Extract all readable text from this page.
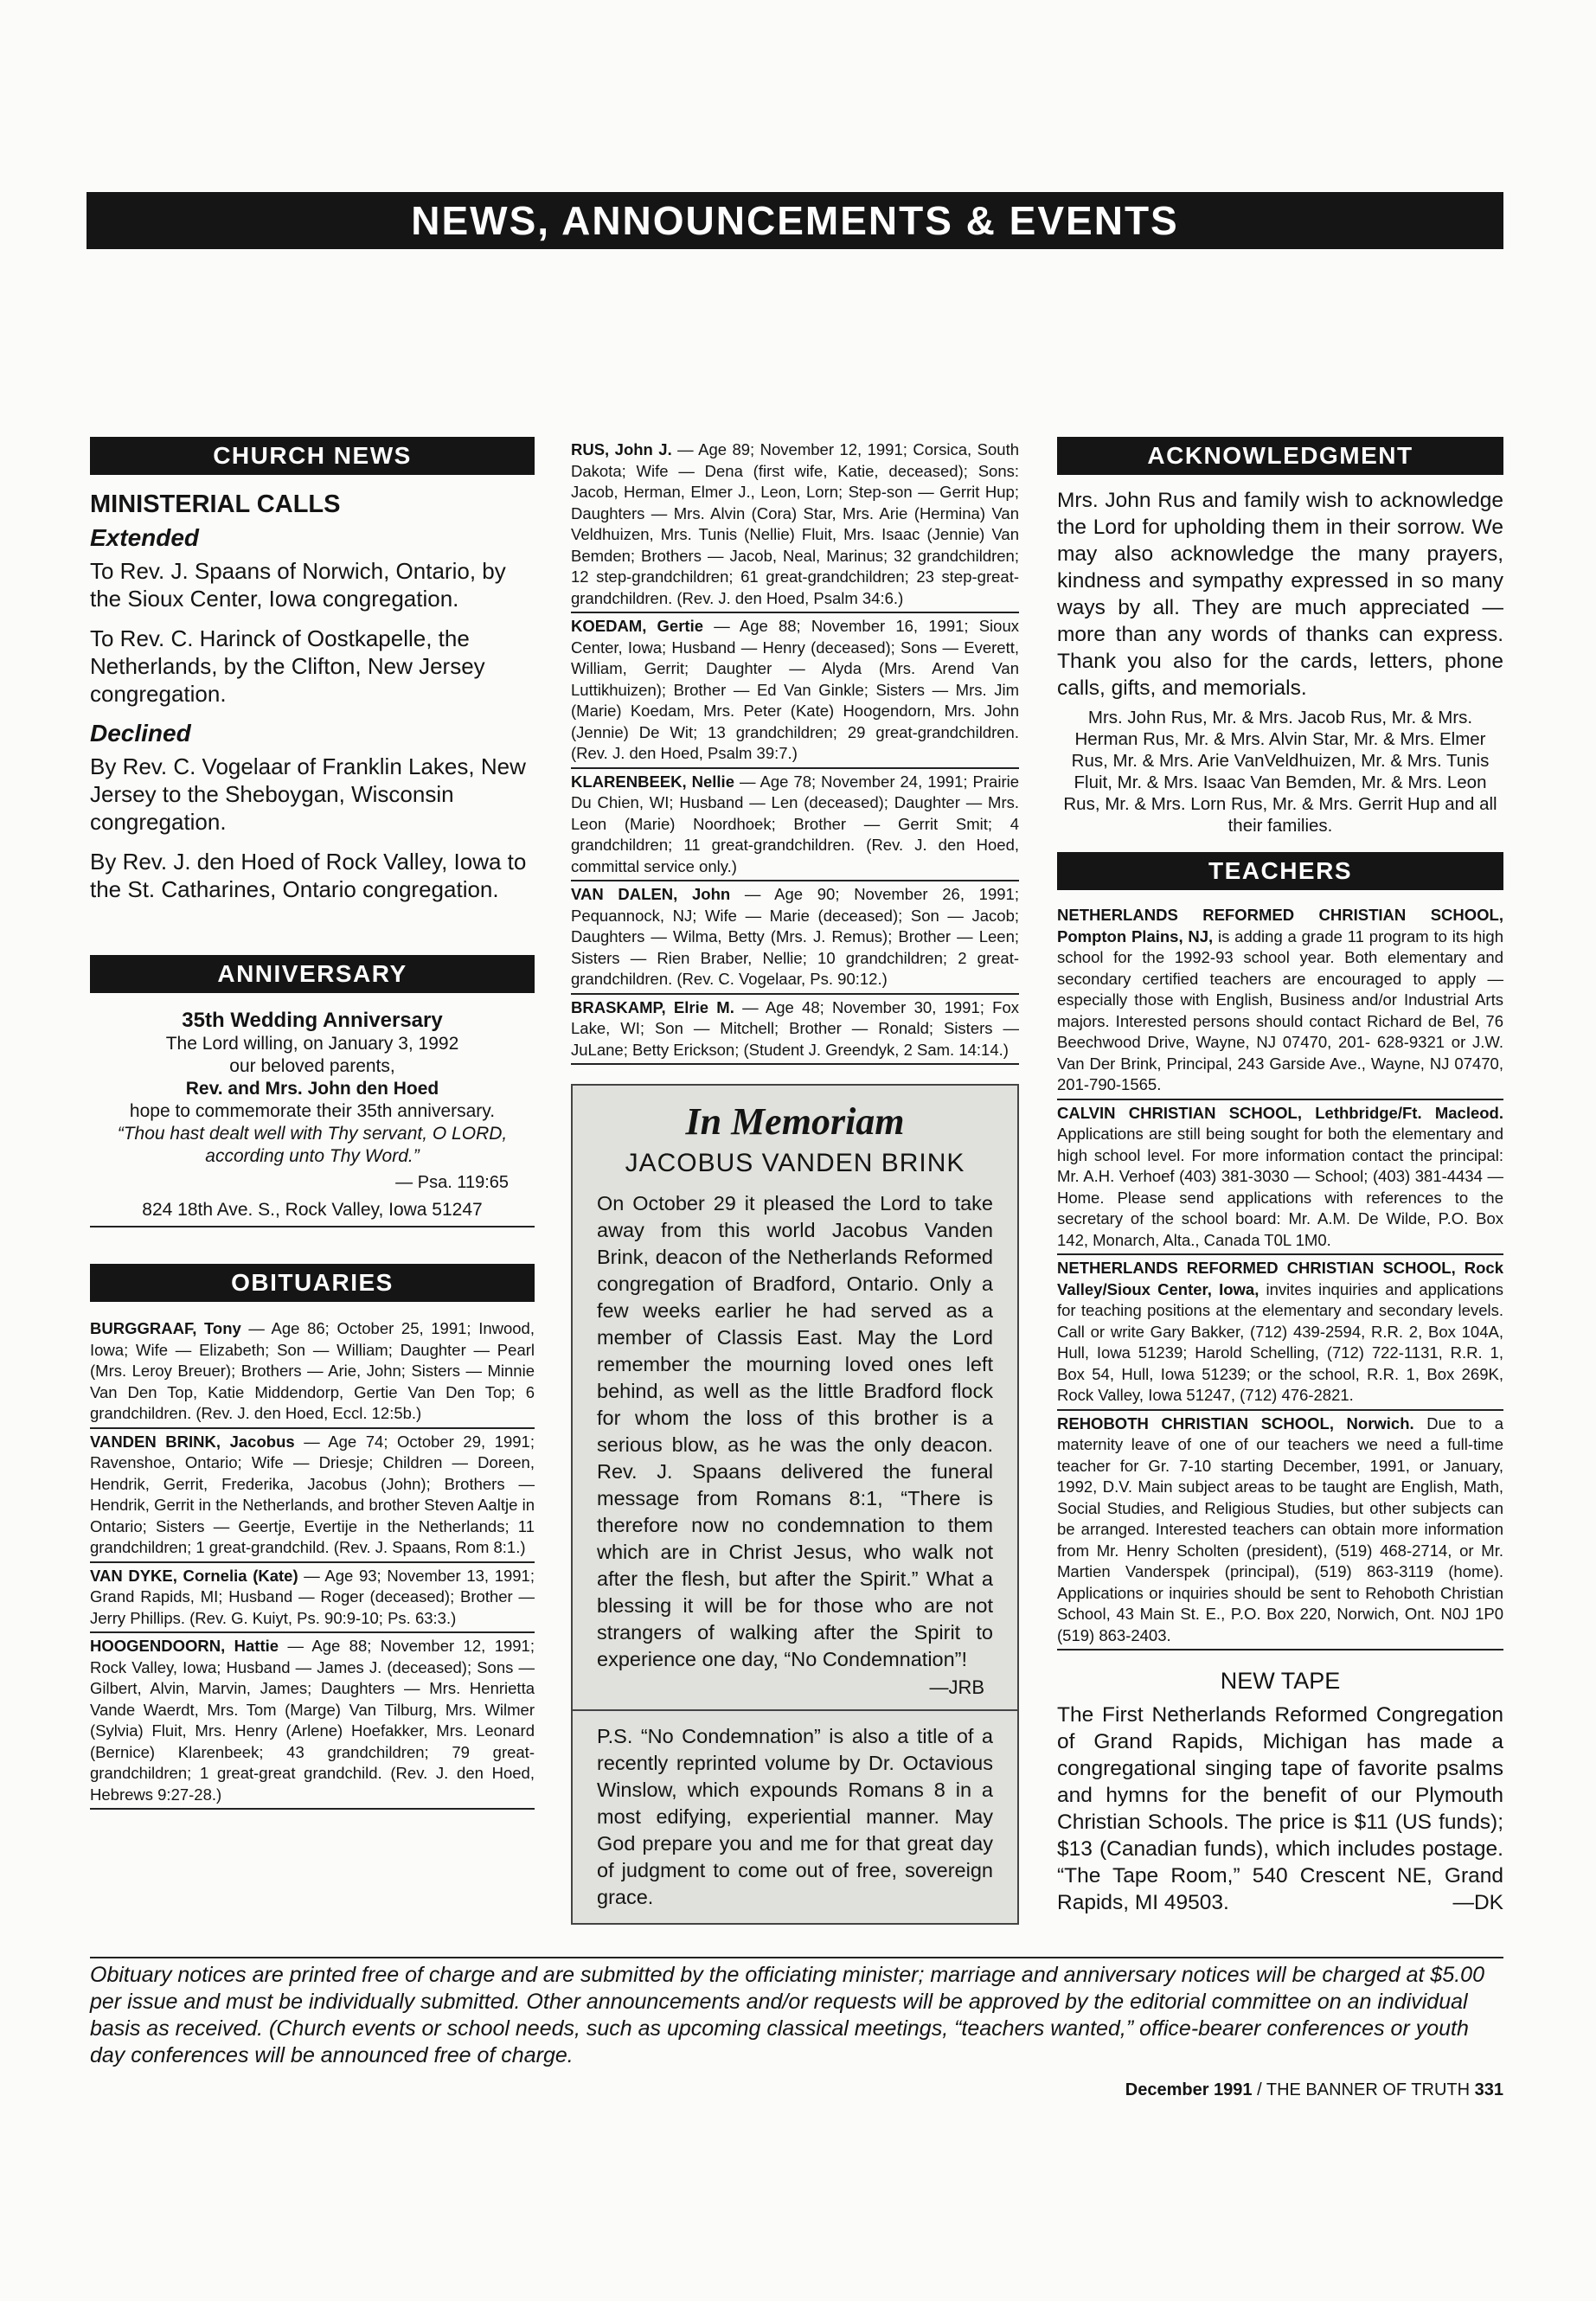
NEWS, ANNOUNCEMENTS & EVENTS
CHURCH NEWS
MINISTERIAL CALLS
Extended

To Rev. J. Spaans of Norwich, Ontario, by the Sioux Center, Iowa congregation.

To Rev. C. Harinck of Oostkapelle, the Netherlands, by the Clifton, New Jersey congregation.

Declined

By Rev. C. Vogelaar of Franklin Lakes, New Jersey to the Sheboygan, Wisconsin congregation.

By Rev. J. den Hoed of Rock Valley, Iowa to the St. Catharines, Ontario congregation.

ANNIVERSARY
35th Wedding Anniversary
The Lord willing, on January 3, 1992
our beloved parents,
Rev. and Mrs. John den Hoed
hope to commemorate their 35th anniversary.
“Thou hast dealt well with Thy servant, O LORD,
according unto Thy Word.”
— Psa. 119:65
824 18th Ave. S., Rock Valley, Iowa 51247
OBITUARIES
BURGGRAAF, Tony — Age 86; October 25, 1991; Inwood, Iowa; Wife — Elizabeth; Son — William; Daughter — Pearl (Mrs. Leroy Breuer); Brothers — Arie, John; Sisters — Minnie Van Den Top, Katie Middendorp, Gertie Van Den Top; 6 grandchildren. (Rev. J. den Hoed, Eccl. 12:5b.)
VANDEN BRINK, Jacobus — Age 74; October 29, 1991; Ravenshoe, Ontario; Wife — Driesje; Children — Doreen, Hendrik, Gerrit, Frederika, Jacobus (John); Brothers — Hendrik, Gerrit in the Netherlands, and brother Steven Aaltje in Ontario; Sisters — Geertje, Evertije in the Netherlands; 11 grandchildren; 1 great-grandchild. (Rev. J. Spaans, Rom 8:1.)
VAN DYKE, Cornelia (Kate) — Age 93; November 13, 1991; Grand Rapids, MI; Husband — Roger (deceased); Brother — Jerry Phillips. (Rev. G. Kuiyt, Ps. 90:9-10; Ps. 63:3.)
HOOGENDOORN, Hattie — Age 88; November 12, 1991; Rock Valley, Iowa; Husband — James J. (deceased); Sons — Gilbert, Alvin, Marvin, James; Daughters — Mrs. Henrietta Vande Waerdt, Mrs. Tom (Marge) Van Tilburg, Mrs. Wilmer (Sylvia) Fluit, Mrs. Henry (Arlene) Hoefakker, Mrs. Leonard (Bernice) Klarenbeek; 43 grandchildren; 79 great-grandchildren; 1 great-great grandchild. (Rev. J. den Hoed, Hebrews 9:27-28.)
RUS, John J. — Age 89; November 12, 1991; Corsica, South Dakota; Wife — Dena (first wife, Katie, deceased); Sons: Jacob, Herman, Elmer J., Leon, Lorn; Step-son — Gerrit Hup; Daughters — Mrs. Alvin (Cora) Star, Mrs. Arie (Hermina) Van Veldhuizen, Mrs. Tunis (Nellie) Fluit, Mrs. Isaac (Jennie) Van Bemden; Brothers — Jacob, Neal, Marinus; 32 grandchildren; 12 step-grandchildren; 61 great-grandchildren; 23 step-great-grandchildren. (Rev. J. den Hoed, Psalm 34:6.)
KOEDAM, Gertie — Age 88; November 16, 1991; Sioux Center, Iowa; Husband — Henry (deceased); Sons — Everett, William, Gerrit; Daughter — Alyda (Mrs. Arend Van Luttikhuizen); Brother — Ed Van Ginkle; Sisters — Mrs. Jim (Marie) Koedam, Mrs. Peter (Kate) Hoogendorn, Mrs. John (Jennie) De Wit; 13 grandchildren; 29 great-grandchildren. (Rev. J. den Hoed, Psalm 39:7.)
KLARENBEEK, Nellie — Age 78; November 24, 1991; Prairie Du Chien, WI; Husband — Len (deceased); Daughter — Mrs. Leon (Marie) Noordhoek; Brother — Gerrit Smit; 4 grandchildren; 11 great-grandchildren. (Rev. J. den Hoed, committal service only.)
VAN DALEN, John — Age 90; November 26, 1991; Pequannock, NJ; Wife — Marie (deceased); Son — Jacob; Daughters — Wilma, Betty (Mrs. J. Remus); Brother — Leen; Sisters — Rien Braber, Nellie; 10 grandchildren; 2 great-grandchildren. (Rev. C. Vogelaar, Ps. 90:12.)
BRASKAMP, Elrie M. — Age 48; November 30, 1991; Fox Lake, WI; Son — Mitchell; Brother — Ronald; Sisters — JuLane; Betty Erickson; (Student J. Greendyk, 2 Sam. 14:14.)
In Memoriam
JACOBUS VANDEN BRINK

On October 29 it pleased the Lord to take away from this world Jacobus Vanden Brink, deacon of the Netherlands Reformed congregation of Bradford, Ontario. Only a few weeks earlier he had served as a member of Classis East. May the Lord remember the mourning loved ones left behind, as well as the little Bradford flock for whom the loss of this brother is a serious blow, as he was the only deacon. Rev. J. Spaans delivered the funeral message from Romans 8:1, “There is therefore now no condemnation to them which are in Christ Jesus, who walk not after the flesh, but after the Spirit.” What a blessing it will be for those who are not strangers of walking after the Spirit to experience one day, “No Condemnation”!

—JRB

P.S. “No Condemnation” is also a title of a recently reprinted volume by Dr. Octavious Winslow, which expounds Romans 8 in a most edifying, experiential manner. May God prepare you and me for that great day of judgment to come out of free, sovereign grace.

ACKNOWLEDGMENT

Mrs. John Rus and family wish to acknowledge the Lord for upholding them in their sorrow. We may also acknowledge the many prayers, kindness and sympathy expressed in so many ways by all. They are much appreciated — more than any words of thanks can express. Thank you also for the cards, letters, phone calls, gifts, and memorials.

Mrs. John Rus, Mr. & Mrs. Jacob Rus, Mr. & Mrs. Herman Rus, Mr. & Mrs. Alvin Star, Mr. & Mrs. Elmer Rus, Mr. & Mrs. Arie VanVeldhuizen, Mr. & Mrs. Tunis Fluit, Mr. & Mrs. Isaac Van Bemden, Mr. & Mrs. Leon Rus, Mr. & Mrs. Lorn Rus, Mr. & Mrs. Gerrit Hup and all their families.
TEACHERS
NETHERLANDS REFORMED CHRISTIAN SCHOOL, Pompton Plains, NJ, is adding a grade 11 program to its high school for the 1992-93 school year. Both elementary and secondary certified teachers are encouraged to apply — especially those with English, Business and/or Industrial Arts majors. Interested persons should contact Richard de Bel, 76 Beechwood Drive, Wayne, NJ 07470, 201- 628-9321 or J.W. Van Der Brink, Principal, 243 Garside Ave., Wayne, NJ 07470, 201-790-1565.
CALVIN CHRISTIAN SCHOOL, Lethbridge/Ft. Macleod. Applications are still being sought for both the elementary and high school level. For more information contact the principal: Mr. A.H. Verhoef (403) 381-3030 — School; (403) 381-4434 — Home. Please send applications with references to the secretary of the school board: Mr. A.M. De Wilde, P.O. Box 142, Monarch, Alta., Canada T0L 1M0.
NETHERLANDS REFORMED CHRISTIAN SCHOOL, Rock Valley/Sioux Center, Iowa, invites inquiries and applications for teaching positions at the elementary and secondary levels. Call or write Gary Bakker, (712) 439-2594, R.R. 2, Box 104A, Hull, Iowa 51239; Harold Schelling, (712) 722-1131, R.R. 1, Box 54, Hull, Iowa 51239; or the school, R.R. 1, Box 269K, Rock Valley, Iowa 51247, (712) 476-2821.
REHOBOTH CHRISTIAN SCHOOL, Norwich. Due to a maternity leave of one of our teachers we need a full-time teacher for Gr. 7-10 starting December, 1991, or January, 1992, D.V. Main subject areas to be taught are English, Math, Social Studies, and Religious Studies, but other subjects can be arranged. Interested teachers can obtain more information from Mr. Henry Scholten (president), (519) 468-2714, or Mr. Martien Vanderspek (principal), (519) 863-3119 (home). Applications or inquiries should be sent to Rehoboth Christian School, 43 Main St. E., P.O. Box 220, Norwich, Ont. N0J 1P0 (519) 863-2403.
NEW TAPE

The First Netherlands Reformed Congregation of Grand Rapids, Michigan has made a congregational singing tape of favorite psalms and hymns for the benefit of our Plymouth Christian Schools. The price is $11 (US funds); $13 (Canadian funds), which includes postage. “The Tape Room,” 540 Crescent NE, Grand Rapids, MI 49503.	—DK

Obituary notices are printed free of charge and are submitted by the officiating minister; marriage and anniversary notices will be charged at $5.00 per issue and must be individually submitted. Other announcements and/or requests will be approved by the editorial committee on an individual basis as received. (Church events or school needs, such as upcoming classical meetings, “teachers wanted,” office-bearer conferences or youth day conferences will be announced free of charge.
December 1991 / THE BANNER OF TRUTH 331
